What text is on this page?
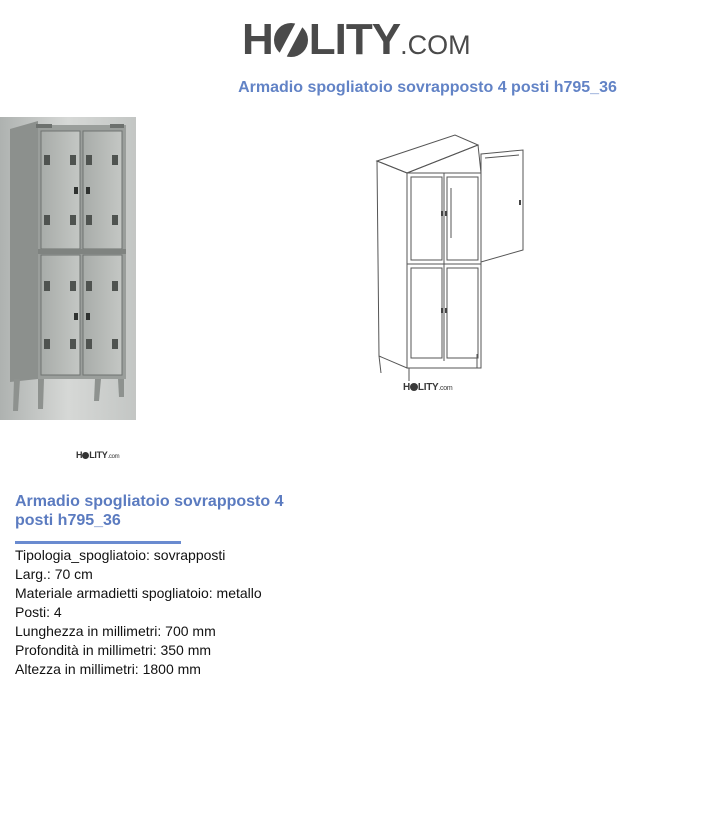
H LITY.COM
Armadio spogliatoio sovrapposto 4 posti h795_36
H LITY.com
H LITY.com
Armadio spogliatoio sovrapposto 4 posti h795_36
Tipologia_spogliatoio: sovrapposti
Larg.: 70 cm
Materiale armadietti spogliatoio: metallo
Posti: 4
Lunghezza in millimetri: 700 mm
Profondità in millimetri: 350 mm
Altezza in millimetri: 1800 mm
